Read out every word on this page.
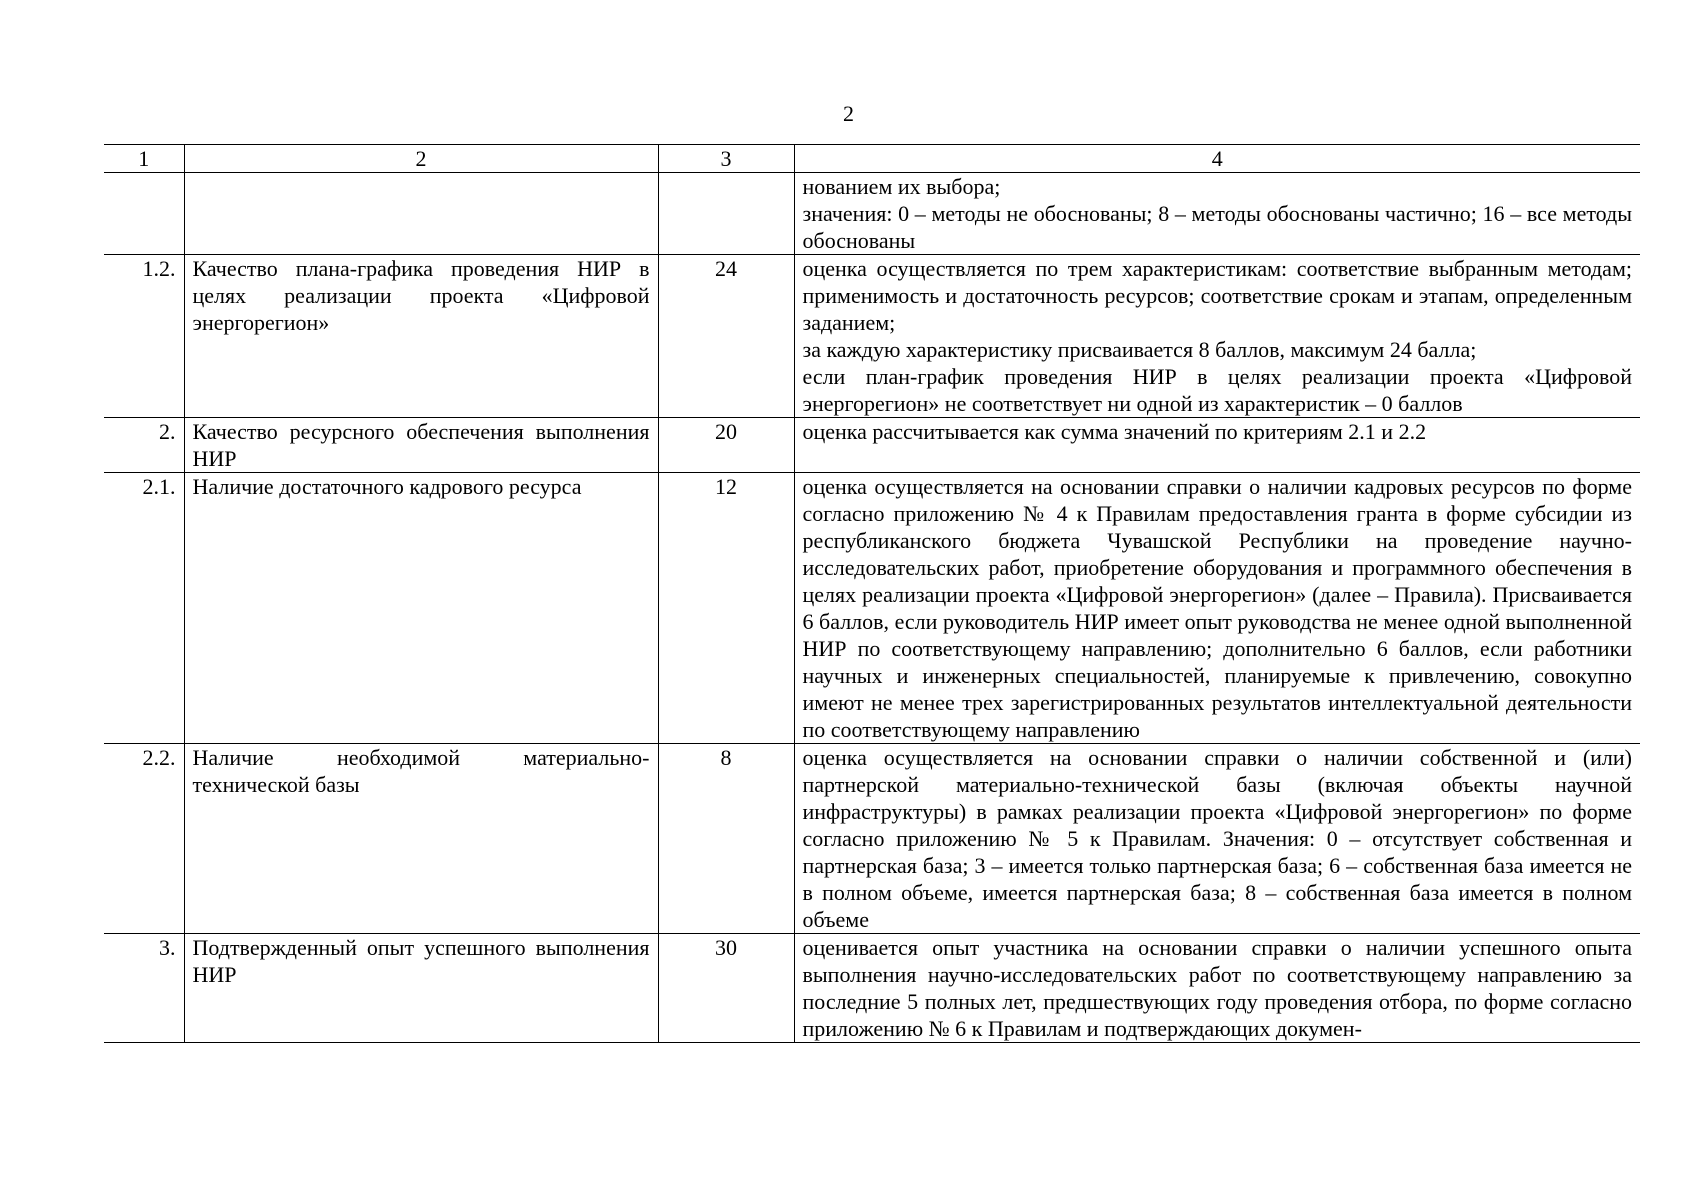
2
1	2	3	4

			нованием их выбора;
значения: 0 – методы не обоснованы; 8 – методы обоснованы частично; 16 – все методы обоснованы

1.2.	Качество плана-графика проведения НИР в целях реализации проекта «Цифровой энергорегион»	24	оценка осуществляется по трем характеристикам: соответствие выбранным методам; применимость и достаточность ресурсов; соответствие срокам и этапам, определенным заданием;
за каждую характеристику присваивается 8 баллов, максимум 24 балла;
если план-график проведения НИР в целях реализации проекта «Цифровой энергорегион» не соответствует ни одной из характеристик – 0 баллов

2.	Качество ресурсного обеспечения выполнения НИР	20	оценка рассчитывается как сумма значений по критериям 2.1 и 2.2

2.1.	Наличие достаточного кадрового ресурса	12	оценка осуществляется на основании справки о наличии кадровых ресурсов по форме согласно приложению № 4 к Правилам предоставления гранта в форме субсидии из республиканского бюджета Чувашской Республики на проведение научно-исследовательских работ, приобретение оборудования и программного обеспечения в целях реализации проекта «Цифровой энергорегион» (далее – Правила). Присваивается 6 баллов, если руководитель НИР имеет опыт руководства не менее одной выполненной НИР по соответствующему направлению; дополнительно 6 баллов, если работники научных и инженерных специальностей, планируемые к привлечению, совокупно имеют не менее трех зарегистрированных результатов интеллектуальной деятельности по соответствующему направлению

2.2.	Наличие необходимой материально-технической базы	8	оценка осуществляется на основании справки о наличии собственной и (или) партнерской материально-технической базы (включая объекты научной инфраструктуры) в рамках реализации проекта «Цифровой энергорегион» по форме согласно приложению № 5 к Правилам. Значения: 0 – отсутствует собственная и партнерская база; 3 – имеется только партнерская база; 6 – собственная база имеется не в полном объеме, имеется партнерская база; 8 – собственная база имеется в полном объеме

3.	Подтвержденный опыт успешного выполнения НИР	30	оценивается опыт участника на основании справки о наличии успешного опыта выполнения научно-исследовательских работ по соответствующему направлению за последние 5 полных лет, предшествующих году проведения отбора, по форме согласно приложению № 6 к Правилам и подтверждающих докумен-
